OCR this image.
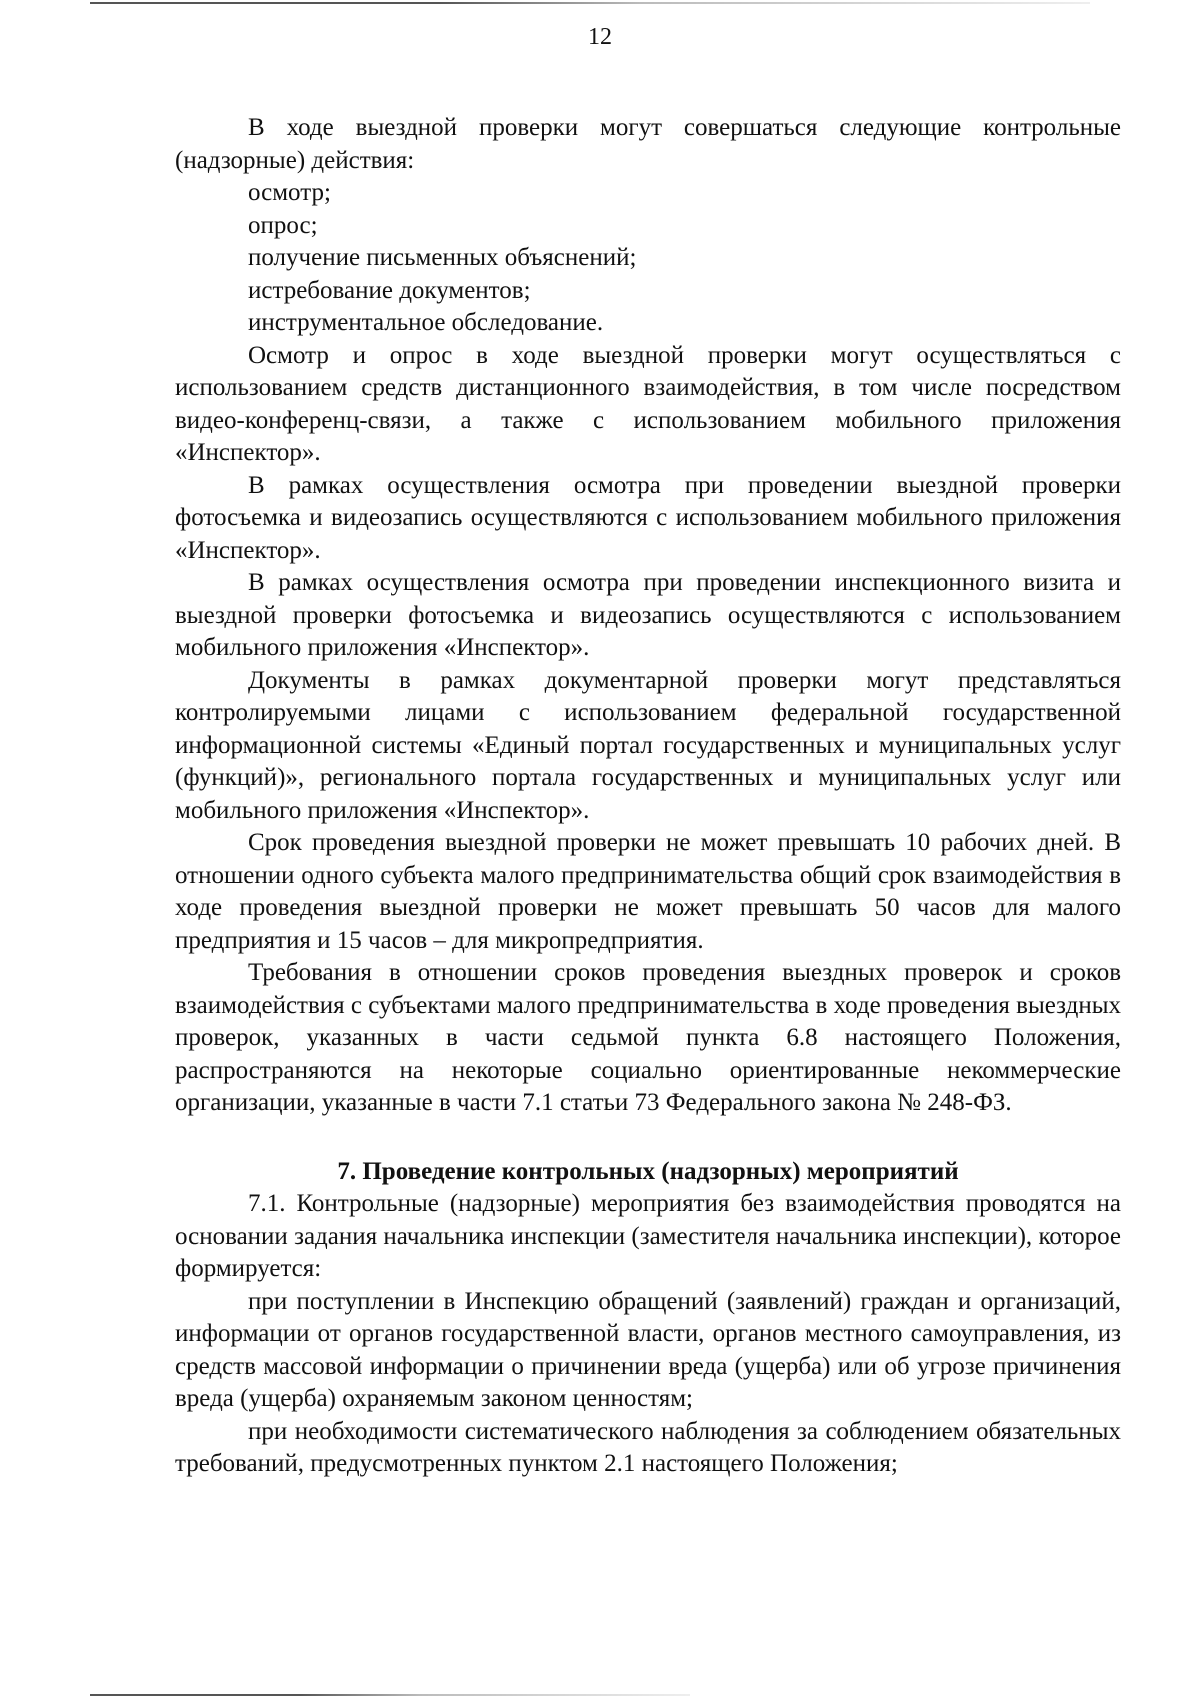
12

В ходе выездной проверки могут совершаться следующие контрольные (надзорные) действия:

осмотр;

опрос;

получение письменных объяснений;

истребование документов;

инструментальное обследование.

Осмотр и опрос в ходе выездной проверки могут осуществляться с использованием средств дистанционного взаимодействия, в том числе посредством видео-конференц-связи, а также с использованием мобильного приложения «Инспектор».

В рамках осуществления осмотра при проведении выездной проверки фотосъемка и видеозапись осуществляются с использованием мобильного приложения «Инспектор».

В рамках осуществления осмотра при проведении инспекционного визита и выездной проверки фотосъемка и видеозапись осуществляются с использованием мобильного приложения «Инспектор».

Документы в рамках документарной проверки могут представляться контролируемыми лицами с использованием федеральной государственной информационной системы «Единый портал государственных и муниципальных услуг (функций)», регионального портала государственных и муниципальных услуг или мобильного приложения «Инспектор».

Срок проведения выездной проверки не может превышать 10 рабочих дней. В отношении одного субъекта малого предпринимательства общий срок взаимодействия в ходе проведения выездной проверки не может превышать 50 часов для малого предприятия и 15 часов – для микропредприятия.

Требования в отношении сроков проведения выездных проверок и сроков взаимодействия с субъектами малого предпринимательства в ходе проведения выездных проверок, указанных в части седьмой пункта 6.8 настоящего Положения, распространяются на некоторые социально ориентированные некоммерческие организации, указанные в части 7.1 статьи 73 Федерального закона № 248-ФЗ.

7. Проведение контрольных (надзорных) мероприятий

7.1. Контрольные (надзорные) мероприятия без взаимодействия проводятся на основании задания начальника инспекции (заместителя начальника инспекции), которое формируется:

при поступлении в Инспекцию обращений (заявлений) граждан и организаций, информации от органов государственной власти, органов местного самоуправления, из средств массовой информации о причинении вреда (ущерба) или об угрозе причинения вреда (ущерба) охраняемым законом ценностям;

при необходимости систематического наблюдения за соблюдением обязательных требований, предусмотренных пунктом 2.1 настоящего Положения;
